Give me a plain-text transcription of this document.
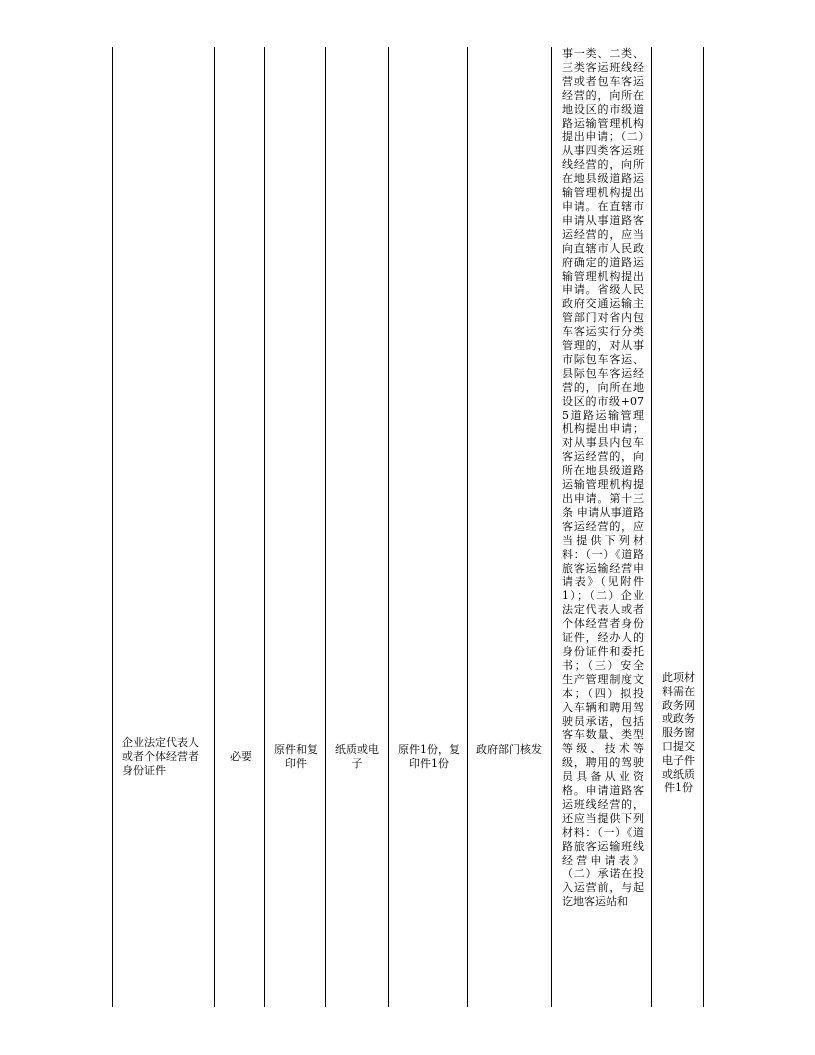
企业法定代表人或者个体经营者身份证件
必要
原件和复印件
纸质或电子
原件1份，复印件1份
政府部门核发
事一类、二类、三类客运班线经营或者包车客运经营的，向所在地设区的市级道路运输管理机构提出申请；（二）从事四类客运班线经营的，向所在地县级道路运输管理机构提出申请。在直辖市申请从事道路客运经营的，应当向直辖市人民政府确定的道路运输管理机构提出申请。省级人民政府交通运输主管部门对省内包车客运实行分类管理的，对从事市际包车客运、县际包车客运经营的，向所在地设区的市级+075道路运输管理机构提出申请；对从事县内包车客运经营的，向所在地县级道路运输管理机构提出申请。第十三条 申请从事道路客运经营的，应当提供下列材料：（一）《道路旅客运输经营申请表》（见附件1）；（二）企业法定代表人或者个体经营者身份证件，经办人的身份证件和委托书；（三）安全生产管理制度文本；（四）拟投入车辆和聘用驾驶员承诺，包括客车数量、类型等级、技术等级，聘用的驾驶员具备从业资格。申请道路客运班线经营的，还应当提供下列材料：（一）《道路旅客运输班线经营申请表》（二）承诺在投入运营前，与起讫地客运站和
此项材料需在政务网或政务服务窗口提交电子件或纸质件1份
